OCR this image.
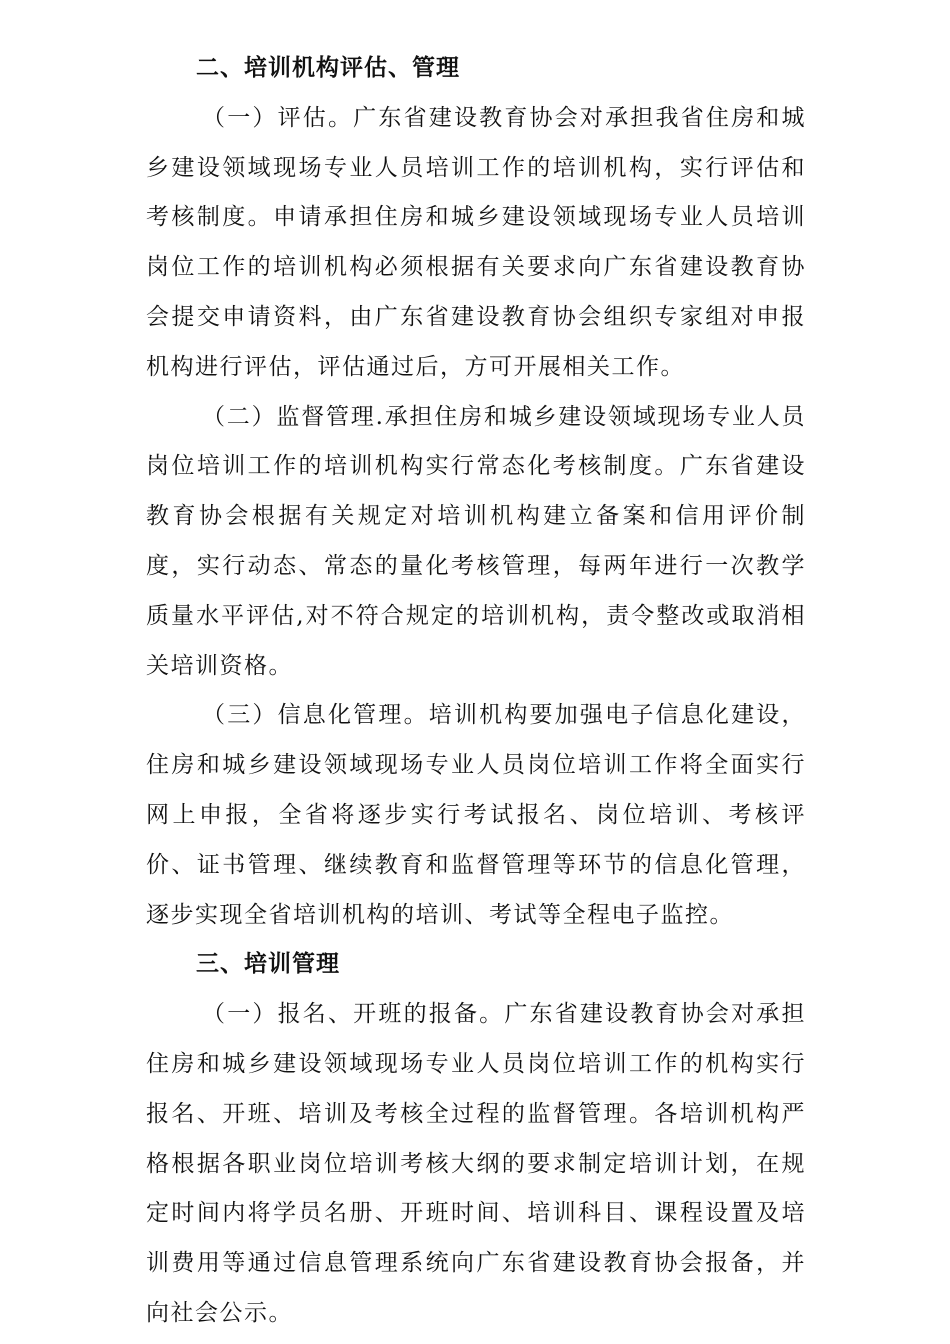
二、培训机构评估、管理

（一）评估。广东省建设教育协会对承担我省住房和城乡建设领域现场专业人员培训工作的培训机构，实行评估和考核制度。申请承担住房和城乡建设领域现场专业人员培训岗位工作的培训机构必须根据有关要求向广东省建设教育协会提交申请资料，由广东省建设教育协会组织专家组对申报机构进行评估，评估通过后，方可开展相关工作。

（二）监督管理.承担住房和城乡建设领域现场专业人员岗位培训工作的培训机构实行常态化考核制度。广东省建设教育协会根据有关规定对培训机构建立备案和信用评价制度，实行动态、常态的量化考核管理，每两年进行一次教学质量水平评估,对不符合规定的培训机构，责令整改或取消相关培训资格。

（三）信息化管理。培训机构要加强电子信息化建设，住房和城乡建设领域现场专业人员岗位培训工作将全面实行网上申报，全省将逐步实行考试报名、岗位培训、考核评价、证书管理、继续教育和监督管理等环节的信息化管理，逐步实现全省培训机构的培训、考试等全程电子监控。

三、培训管理

（一）报名、开班的报备。广东省建设教育协会对承担住房和城乡建设领域现场专业人员岗位培训工作的机构实行报名、开班、培训及考核全过程的监督管理。各培训机构严格根据各职业岗位培训考核大纲的要求制定培训计划，在规定时间内将学员名册、开班时间、培训科目、课程设置及培训费用等通过信息管理系统向广东省建设教育协会报备，并向社会公示。
